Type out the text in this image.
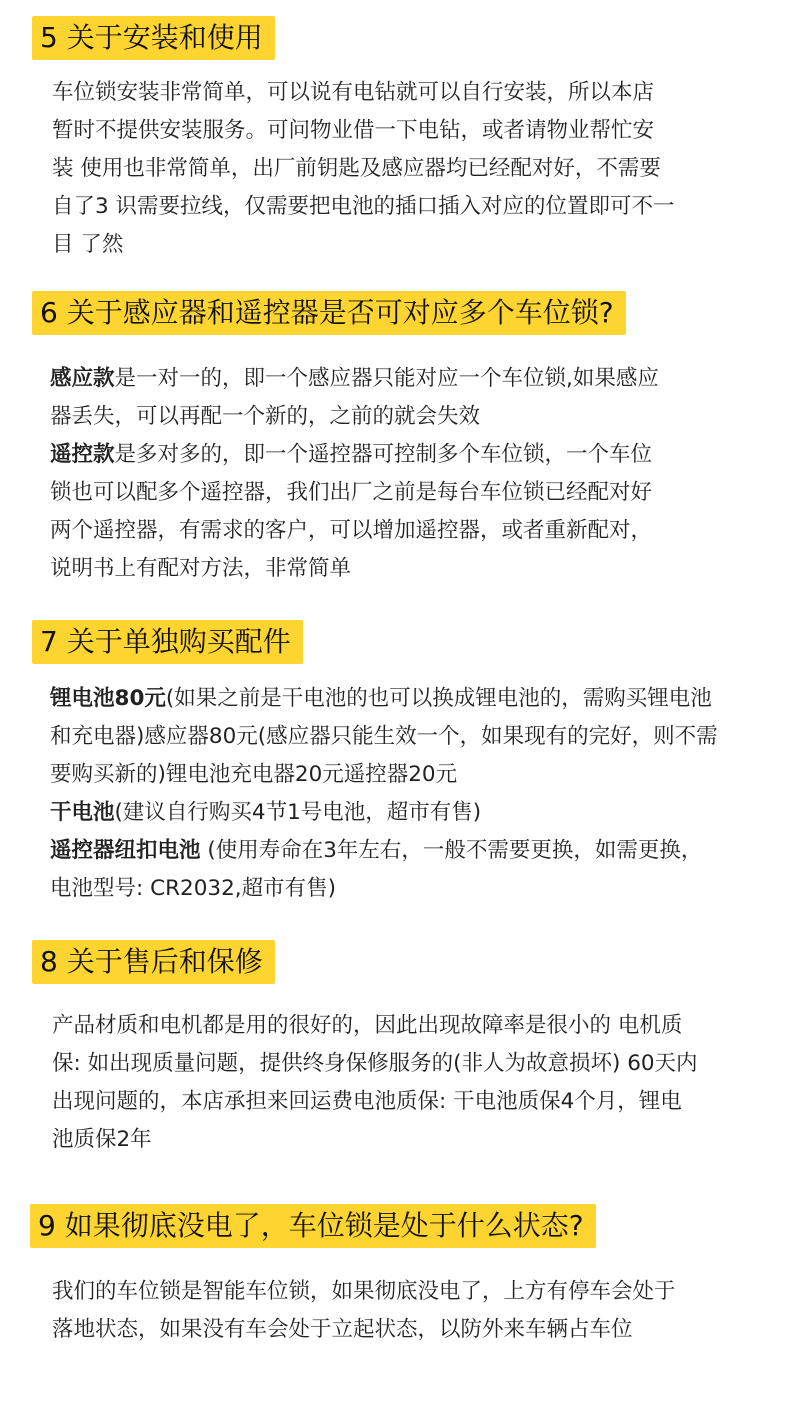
5 关于安装和使用
车位锁安装非常简单，可以说有电钻就可以自行安装，所以本店
暂时不提供安装服务。可问物业借一下电钻，或者请物业帮忙安
装 使用也非常简单，出厂前钥匙及感应器均已经配对好，不需要
自了3 识需要拉线，仅需要把电池的插口插入对应的位置即可不一
目 了然
6 关于感应器和遥控器是否可对应多个车位锁?
感应款是一对一的，即一个感应器只能对应一个车位锁,如果感应
器丢失，可以再配一个新的，之前的就会失效
遥控款是多对多的，即一个遥控器可控制多个车位锁，一个车位
锁也可以配多个遥控器，我们出厂之前是每台车位锁已经配对好
两个遥控器，有需求的客户，可以增加遥控器，或者重新配对，
说明书上有配对方法，非常简单
7 关于单独购买配件
锂电池80元(如果之前是干电池的也可以换成锂电池的，需购买锂电池
和充电器)感应器80元(感应器只能生效一个，如果现有的完好，则不需
要购买新的)锂电池充电器20元遥控器20元
干电池(建议自行购买4节1号电池，超市有售)
遥控器纽扣电池 (使用寿命在3年左右，一般不需要更换，如需更换，
电池型号: CR2032,超市有售)
8 关于售后和保修
产品材质和电机都是用的很好的，因此出现故障率是很小的 电机质
保: 如出现质量问题，提供终身保修服务的(非人为故意损坏) 60天内
出现问题的，本店承担来回运费电池质保: 干电池质保4个月，锂电
池质保2年
9 如果彻底没电了，车位锁是处于什么状态?
我们的车位锁是智能车位锁，如果彻底没电了，上方有停车会处于
落地状态，如果没有车会处于立起状态，以防外来车辆占车位
